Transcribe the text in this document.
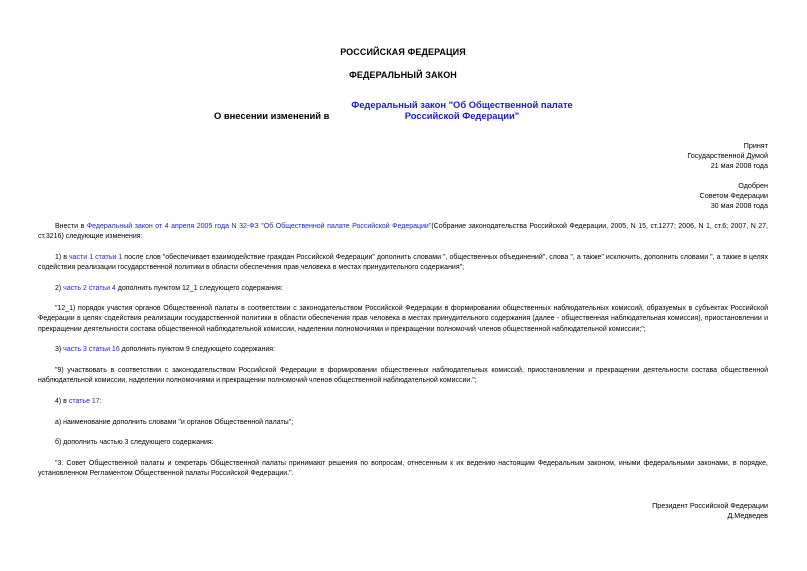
РОССИЙСКАЯ ФЕДЕРАЦИЯ
ФЕДЕРАЛЬНЫЙ ЗАКОН
О внесении изменений в Федеральный закон "Об Общественной палате Российской Федерации"
Принят
Государственной Думой
21 мая 2008 года
Одобрен
Советом Федерации
30 мая 2008 года
Внести в Федеральный закон от 4 апреля 2005 года N 32-ФЗ "Об Общественной палате Российской Федерации"(Собрание законодательства Российской Федерации, 2005, N 15, ст.1277; 2006, N 1, ст.6; 2007, N 27, ст.3216) следующие изменения:
1) в части 1 статьи 1 после слов "обеспечивает взаимодействие граждан Российской Федерации" дополнить словами ", общественных объединений", слова ", а также" исключить, дополнить словами ", а также в целях содействия реализации государственной политики в области обеспечения прав человека в местах принудительного содержания";
2) часть 2 статьи 4 дополнить пунктом 12_1 следующего содержания:
"12_1) порядок участия органов Общественной палаты в соответствии с законодательством Российской Федерации в формировании общественных наблюдательных комиссий, образуемых в субъектах Российской Федерации в целях содействия реализации государственной политики в области обеспечения прав человека в местах принудительного содержания (далее - общественная наблюдательная комиссия), приостановлении и прекращении деятельности состава общественной наблюдательной комиссии, наделении полномочиями и прекращении полномочий членов общественной наблюдательной комиссии;";
3) часть 3 статьи 16 дополнить пунктом 9 следующего содержания:
"9) участвовать в соответствии с законодательством Российской Федерации в формировании общественных наблюдательных комиссий, приостановлении и прекращении деятельности состава общественной наблюдательной комиссии, наделении полномочиями и прекращении полномочий членов общественной наблюдательной комиссии.";
4) в статье 17:
а) наименование дополнить словами "и органов Общественной палаты";
б) дополнить частью 3 следующего содержания:
"3. Совет Общественной палаты и секретарь Общественной палаты принимают решения по вопросам, отнесенным к их ведению настоящим Федеральным законом, иными федеральными законами, в порядке, установленном Регламентом Общественной палаты Российской Федерации.".
Президент Российской Федерации
Д.Медведев
